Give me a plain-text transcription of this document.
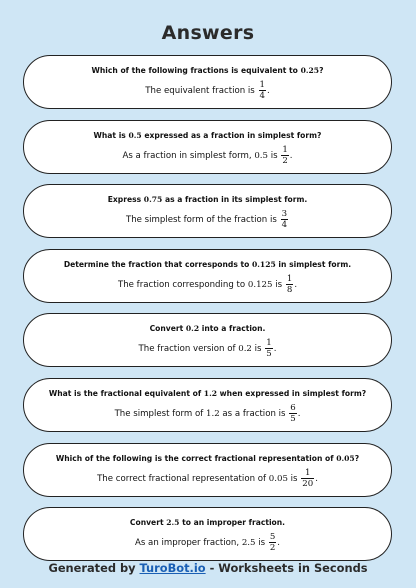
Answers
Which of the following fractions is equivalent to 0.25?
The equivalent fraction is $\frac{1}{4}$ .
What is 0.5 expressed as a fraction in simplest form?
As a fraction in simplest form, 0.5 is $\frac{1}{2}$ .
Express 0.75 as a fraction in its simplest form.
The simplest form of the fraction is $\frac{3}{4}$
Determine the fraction that corresponds to 0.125 in simplest form.
The fraction corresponding to 0.125 is $\frac{1}{8}$ .
Convert 0.2 into a fraction.
The fraction version of 0.2 is $\frac{1}{5}$ .
What is the fractional equivalent of 1.2 when expressed in simplest form?
The simplest form of 1.2 as a fraction is $\frac{6}{5}$ .
Which of the following is the correct fractional representation of 0.05?
The correct fractional representation of 0.05 is $\frac{1}{20}$ .
Convert 2.5 to an improper fraction.
As an improper fraction, 2.5 is $\frac{5}{2}$ .
Generated by TuroBot.io - Worksheets in Seconds
